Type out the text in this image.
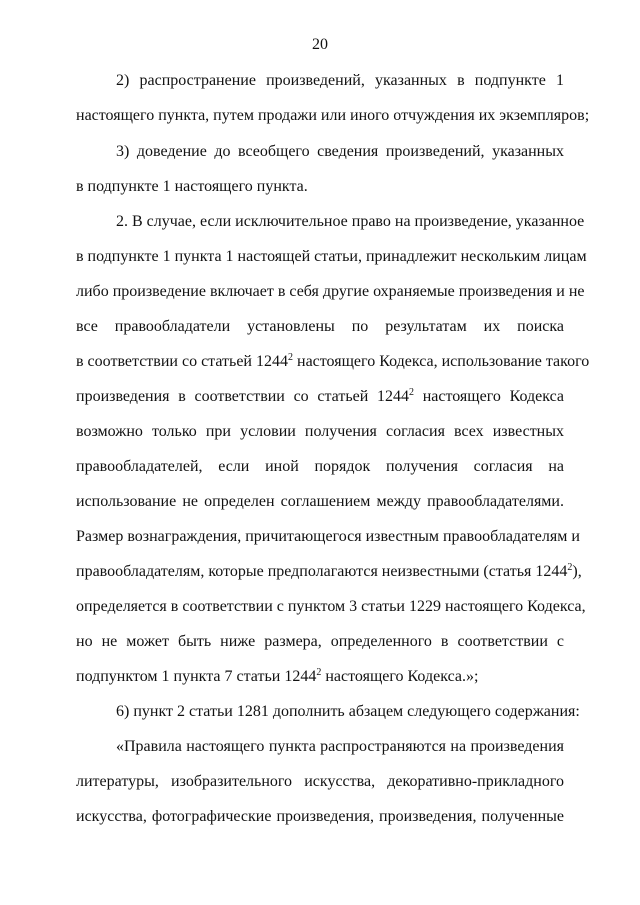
20
2) распространение произведений, указанных в подпункте 1
настоящего пункта, путем продажи или иного отчуждения их экземпляров;
3) доведение до всеобщего сведения произведений, указанных
в подпункте 1 настоящего пункта.
2. В случае, если исключительное право на произведение, указанное
в подпункте 1 пункта 1 настоящей статьи, принадлежит нескольким лицам
либо произведение включает в себя другие охраняемые произведения и не
все правообладатели установлены по результатам их поиска
в соответствии со статьей 1244$^2$ настоящего Кодекса, использование такого
произведения в соответствии со статьей 1244$^2$ настоящего Кодекса
возможно только при условии получения согласия всех известных
правообладателей, если иной порядок получения согласия на
использование не определен соглашением между правообладателями.
Размер вознаграждения, причитающегося известным правообладателям и
правообладателям, которые предполагаются неизвестными (статья 1244$^2$),
определяется в соответствии с пунктом 3 статьи 1229 настоящего Кодекса,
но не может быть ниже размера, определенного в соответствии с
подпунктом 1 пункта 7 статьи 1244$^2$ настоящего Кодекса.»;
6) пункт 2 статьи 1281 дополнить абзацем следующего содержания:
«Правила настоящего пункта распространяются на произведения
литературы, изобразительного искусства, декоративно-прикладного
искусства, фотографические произведения, произведения, полученные
